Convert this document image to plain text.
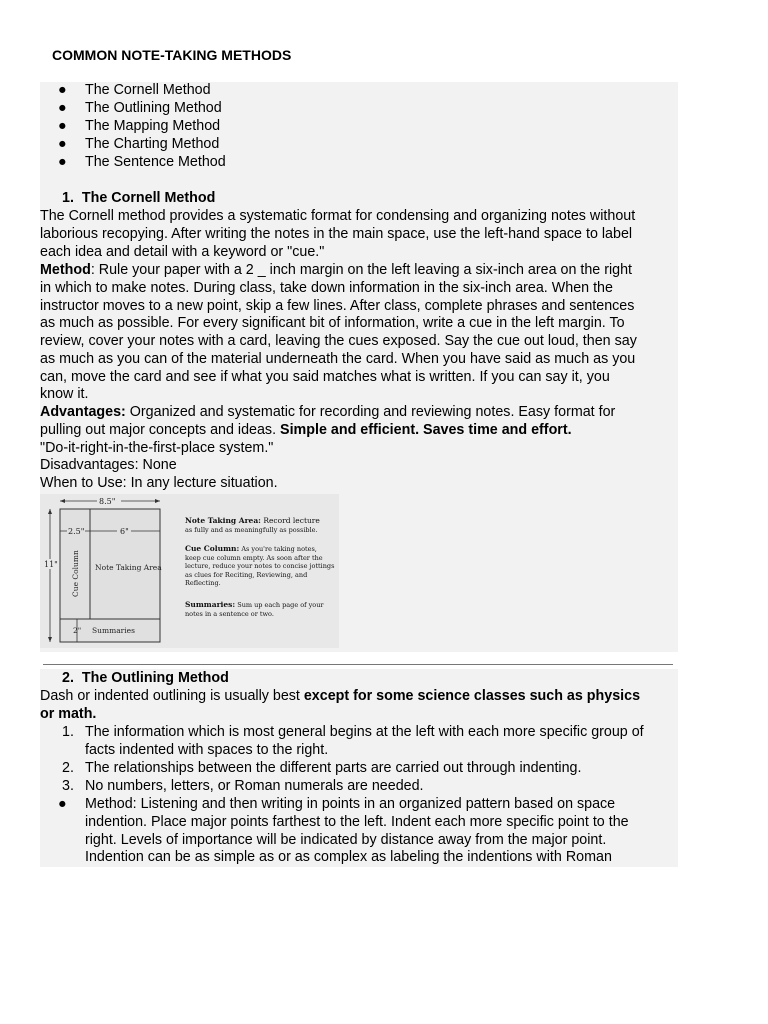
COMMON NOTE-TAKING METHODS
● The Cornell Method
● The Outlining Method
● The Mapping Method
● The Charting Method
● The Sentence Method
1. The Cornell Method
The Cornell method provides a systematic format for condensing and organizing notes without
laborious recopying. After writing the notes in the main space, use the left-hand space to label
each idea and detail with a keyword or "cue."
Method: Rule your paper with a 2 _ inch margin on the left leaving a six-inch area on the right
in which to make notes. During class, take down information in the six-inch area. When the
instructor moves to a new point, skip a few lines. After class, complete phrases and sentences
as much as possible. For every significant bit of information, write a cue in the left margin. To
review, cover your notes with a card, leaving the cues exposed. Say the cue out loud, then say
as much as you can of the material underneath the card. When you have said as much as you
can, move the card and see if what you said matches what is written. If you can say it, you
know it.
Advantages: Organized and systematic for recording and reviewing notes. Easy format for
pulling out major concepts and ideas. Simple and efficient. Saves time and effort.
"Do-it-right-in-the-first-place system."
Disadvantages: None
When to Use: In any lecture situation.
8.5"
2.5"	6"
11"
2"
Cue Column Note Taking Area
Summaries
Note Taking Area: Record lecture
as fully and as meaningfully as possible.
Cue Column: As you're taking notes,
keep cue column empty. As soon after the
lecture, reduce your notes to concise jottings
as clues for Reciting, Reviewing, and
Reflecting.
Summaries: Sum up each page of your
notes in a sentence or two.
2. The Outlining Method
Dash or indented outlining is usually best except for some science classes such as physics
or math.
1. The information which is most general begins at the left with each more specific group of
facts indented with spaces to the right.
2. The relationships between the different parts are carried out through indenting.
3. No numbers, letters, or Roman numerals are needed.
● Method: Listening and then writing in points in an organized pattern based on space
indention. Place major points farthest to the left. Indent each more specific point to the
right. Levels of importance will be indicated by distance away from the major point.
Indention can be as simple as or as complex as labeling the indentions with Roman
